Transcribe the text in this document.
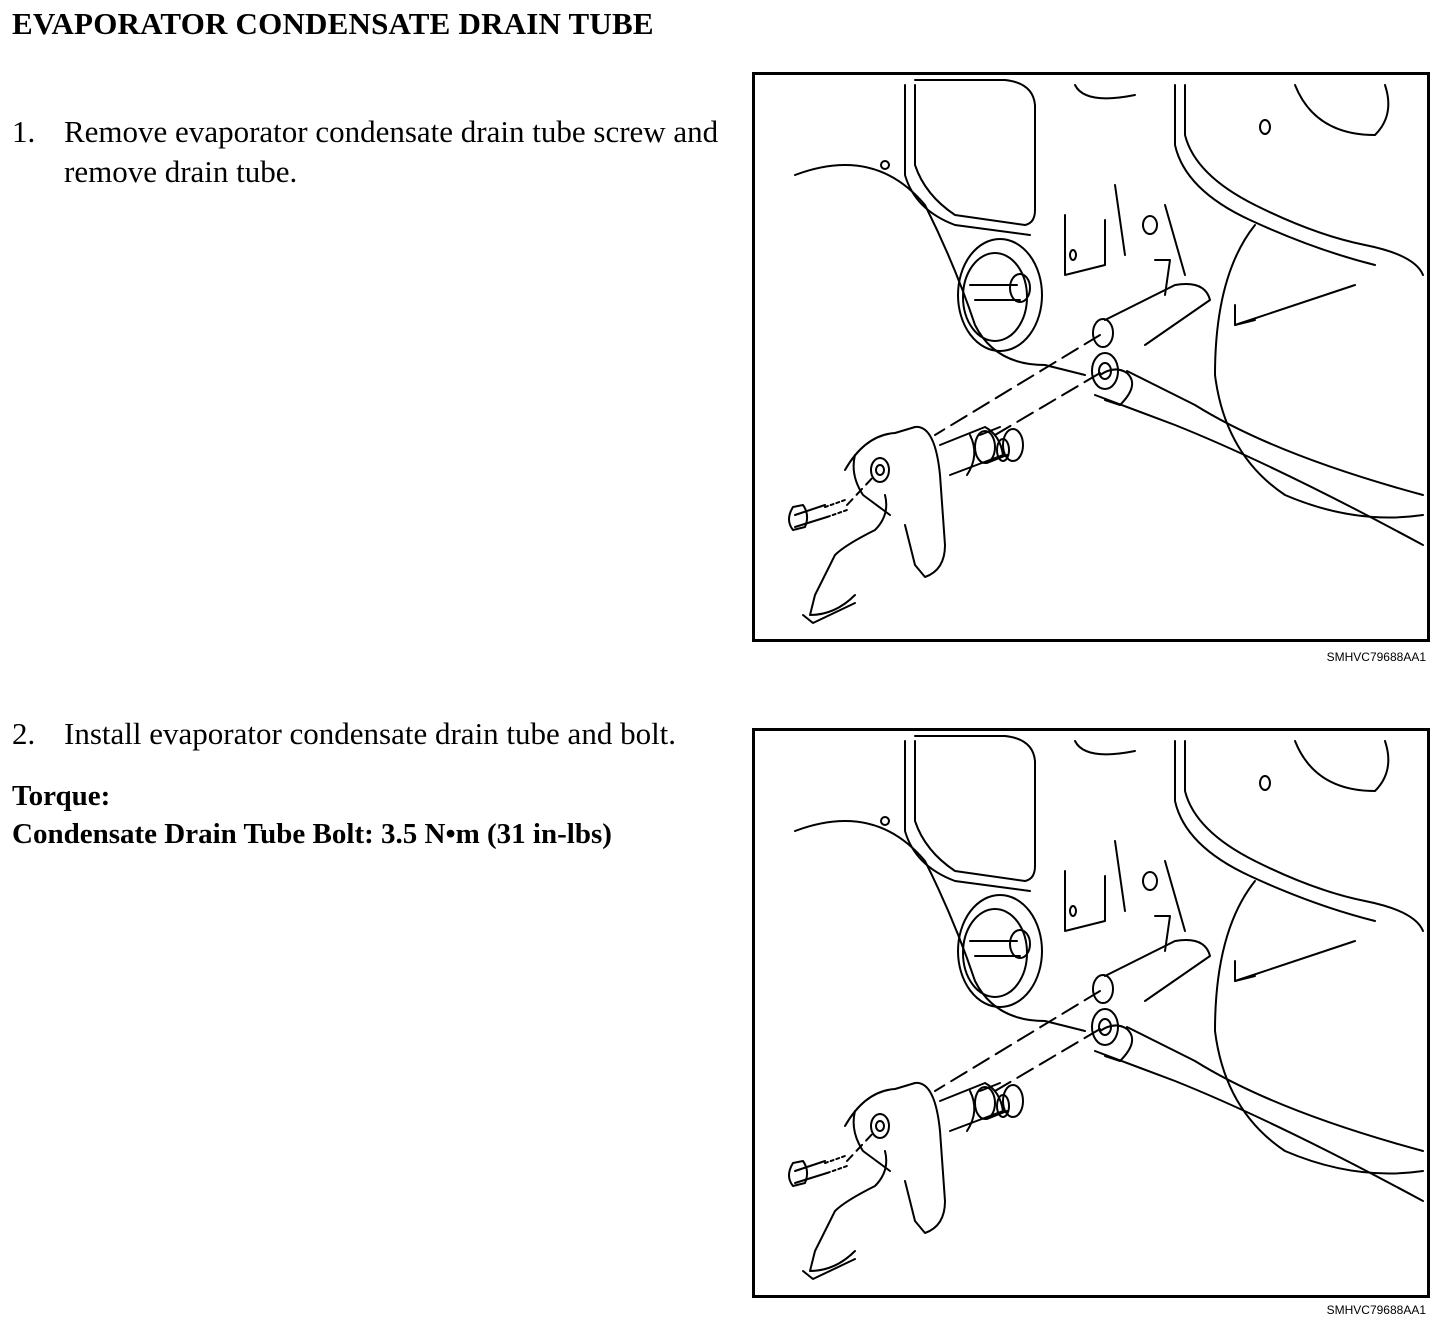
EVAPORATOR CONDENSATE DRAIN TUBE
1. Remove evaporator condensate drain tube screw and remove drain tube.
SMHVC79688AA1
2. Install evaporator condensate drain tube and bolt.
Torque:
Condensate Drain Tube Bolt: 3.5 N•m (31 in-lbs)
SMHVC79688AA1
